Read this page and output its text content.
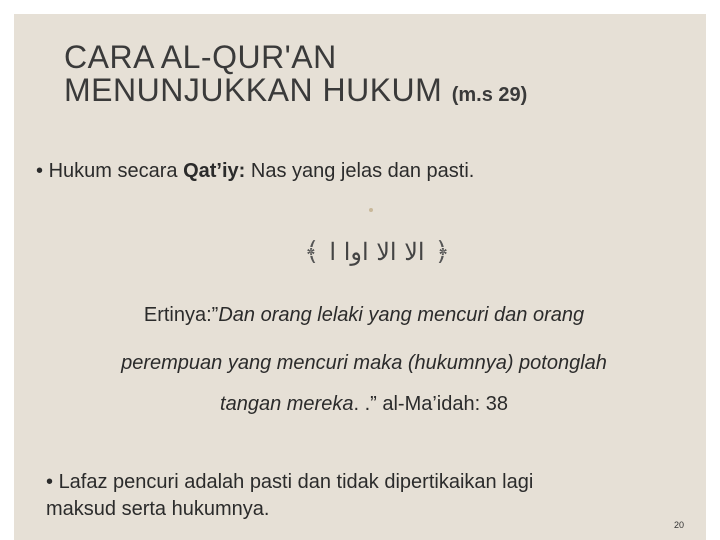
CARA AL-QUR'AN
MENUNJUKKAN HUKUM (m.s 29)
• Hukum secara Qat’iy: Nas yang jelas dan pasti.
﴾ الا الا اوا ا ﴿
Ertinya:”Dan orang lelaki yang mencuri dan orang
perempuan yang mencuri maka (hukumnya) potonglah
tangan mereka. .” al-Ma’idah: 38
• Lafaz pencuri adalah pasti dan tidak dipertikaikan lagi
maksud serta hukumnya.
20
